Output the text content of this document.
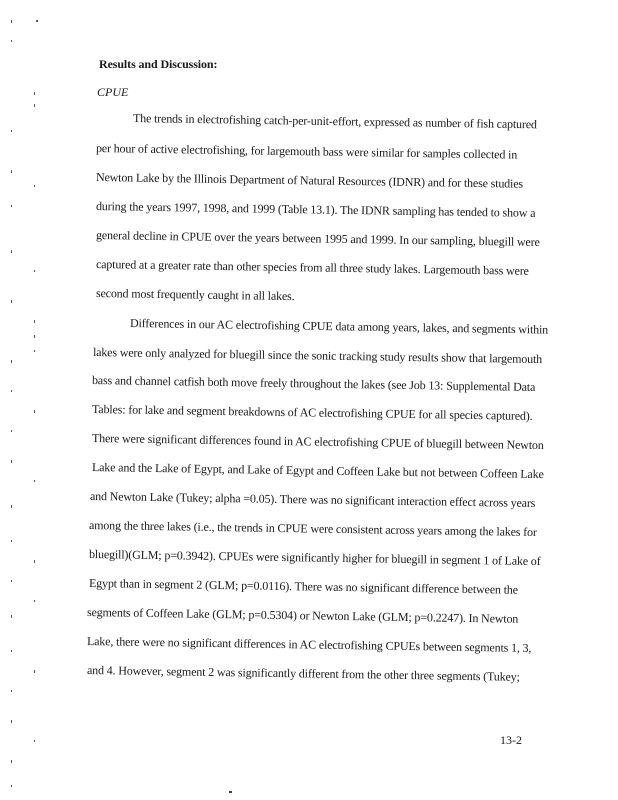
Results and Discussion:
CPUE
The trends in electrofishing catch-per-unit-effort, expressed as number of fish captured
per hour of active electrofishing, for largemouth bass were similar for samples collected in
Newton Lake by the Illinois Department of Natural Resources (IDNR) and for these studies
during the years 1997, 1998, and 1999 (Table 13.1). The IDNR sampling has tended to show a
general decline in CPUE over the years between 1995 and 1999. In our sampling, bluegill were
captured at a greater rate than other species from all three study lakes. Largemouth bass were
second most frequently caught in all lakes.
Differences in our AC electrofishing CPUE data among years, lakes, and segments within
lakes were only analyzed for bluegill since the sonic tracking study results show that largemouth
bass and channel catfish both move freely throughout the lakes (see Job 13: Supplemental Data
Tables: for lake and segment breakdowns of AC electrofishing CPUE for all species captured).
There were significant differences found in AC electrofishing CPUE of bluegill between Newton
Lake and the Lake of Egypt, and Lake of Egypt and Coffeen Lake but not between Coffeen Lake
and Newton Lake (Tukey; alpha =0.05). There was no significant interaction effect across years
among the three lakes (i.e., the trends in CPUE were consistent across years among the lakes for
bluegill)(GLM; p=0.3942). CPUEs were significantly higher for bluegill in segment 1 of Lake of
Egypt than in segment 2 (GLM; p=0.0116). There was no significant difference between the
segments of Coffeen Lake (GLM; p=0.5304) or Newton Lake (GLM; p=0.2247). In Newton
Lake, there were no significant differences in AC electrofishing CPUEs between segments 1, 3,
and 4. However, segment 2 was significantly different from the other three segments (Tukey;
13-2
